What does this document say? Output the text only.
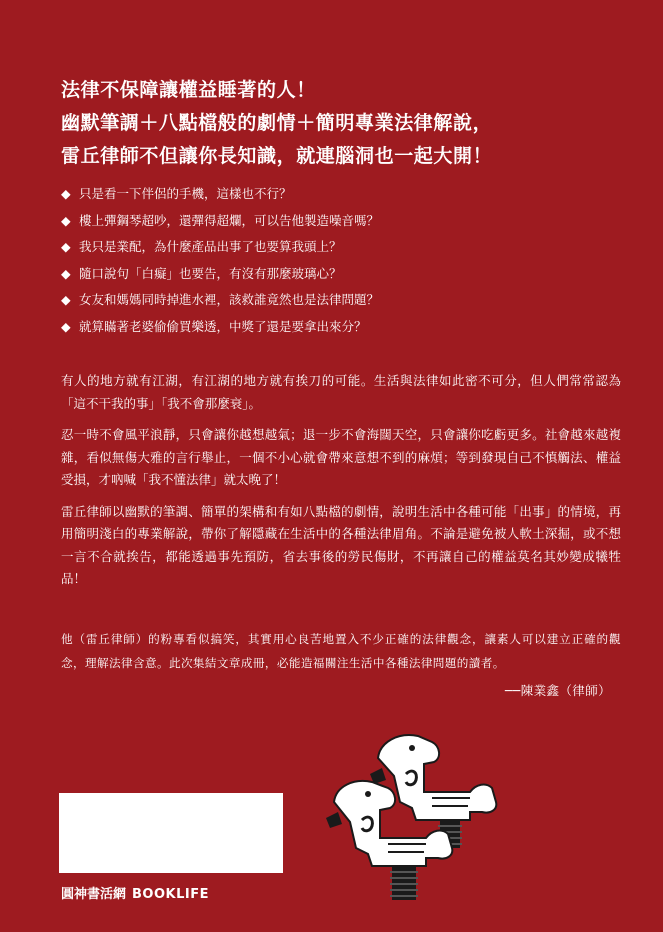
法律不保障讓權益睡著的人！
幽默筆調＋八點檔般的劇情＋簡明專業法律解說，
雷丘律師不但讓你長知識，就連腦洞也一起大開！
◆ 只是看一下伴侶的手機，這樣也不行？
◆ 樓上彈鋼琴超吵，還彈得超爛，可以告他製造噪音嗎？
◆ 我只是業配，為什麼產品出事了也要算我頭上？
◆ 隨口說句「白癡」也要告，有沒有那麼玻璃心？
◆ 女友和媽媽同時掉進水裡，該救誰竟然也是法律問題？
◆ 就算瞞著老婆偷偷買樂透，中獎了還是要拿出來分？

有人的地方就有江湖，有江湖的地方就有挨刀的可能。生活與法律如此密不可分，但人們常常認為「這不干我的事」「我不會那麼衰」。

忍一時不會風平浪靜，只會讓你越想越氣；退一步不會海闊天空，只會讓你吃虧更多。社會越來越複雜，看似無傷大雅的言行舉止，一個不小心就會帶來意想不到的麻煩；等到發現自己不慎觸法、權益受損，才吶喊「我不懂法律」就太晚了！

雷丘律師以幽默的筆調、簡單的架構和有如八點檔的劇情，說明生活中各種可能「出事」的情境，再用簡明淺白的專業解說，帶你了解隱藏在生活中的各種法律眉角。不論是避免被人軟土深掘，或不想一言不合就挨告，都能透過事先預防，省去事後的勞民傷財，不再讓自己的權益莫名其妙變成犧牲品！

他（雷丘律師）的粉專看似搞笑，其實用心良苦地置入不少正確的法律觀念，讓素人可以建立正確的觀念，理解法律含意。此次集結文章成冊，必能造福關注生活中各種法律問題的讀者。

──陳業鑫（律師）
圓神書活網 BOOKLIFE
